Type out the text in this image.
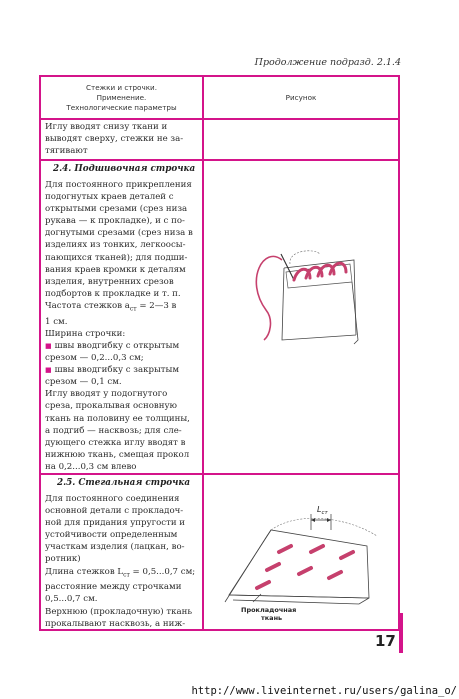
Продолжение подразд. 2.1.4
Стежки и строчки.
Применение.
Технологические параметры
Рисунок
Иглу вводят снизу ткани и
выводят сверху, стежки не за-
тягивают
2.4. Подшивочная строчка
Для постоянного прикрепления
подогнутых краев деталей с
открытыми срезами (срез низа
рукава — к прокладке), и с по-
догнутыми срезами (срез низа в
изделиях из тонких, легкоосы-
пающихся тканей); для подши-
вания краев кромки к деталям
изделия, внутренних срезов
подбортов к прокладке и т. п.
Частота стежков $a_{ст}$ = 2—3 в
1 см.
Ширина строчки:
■ швы вводгибку с открытым
срезом — 0,2...0,3 см;
■ швы вводгибку с закрытым
срезом — 0,1 см.
Иглу вводят у подогнутого
среза, прокалывая основную
ткань на половину ее толщины,
а подгиб — насквозь; для сле-
дующего стежка иглу вводят в
нижнюю ткань, смещая прокол
на 0,2...0,3 см влево
2.5. Стегальная строчка
Для постоянного соединения
основной детали с прокладоч-
ной для придания упругости и
устойчивости определенным
участкам изделия (лацкан, во-
ротник)
Длина стежков $L_{ст} = 0,5...0,7$ см;
расстояние между строчками
0,5...0,7 см.
Верхнюю (прокладочную) ткань
прокалывают насквозь, а ниж-
$L_{ст}$
Прокладочная
ткань
17
http://www.liveinternet.ru/users/galina_o/
